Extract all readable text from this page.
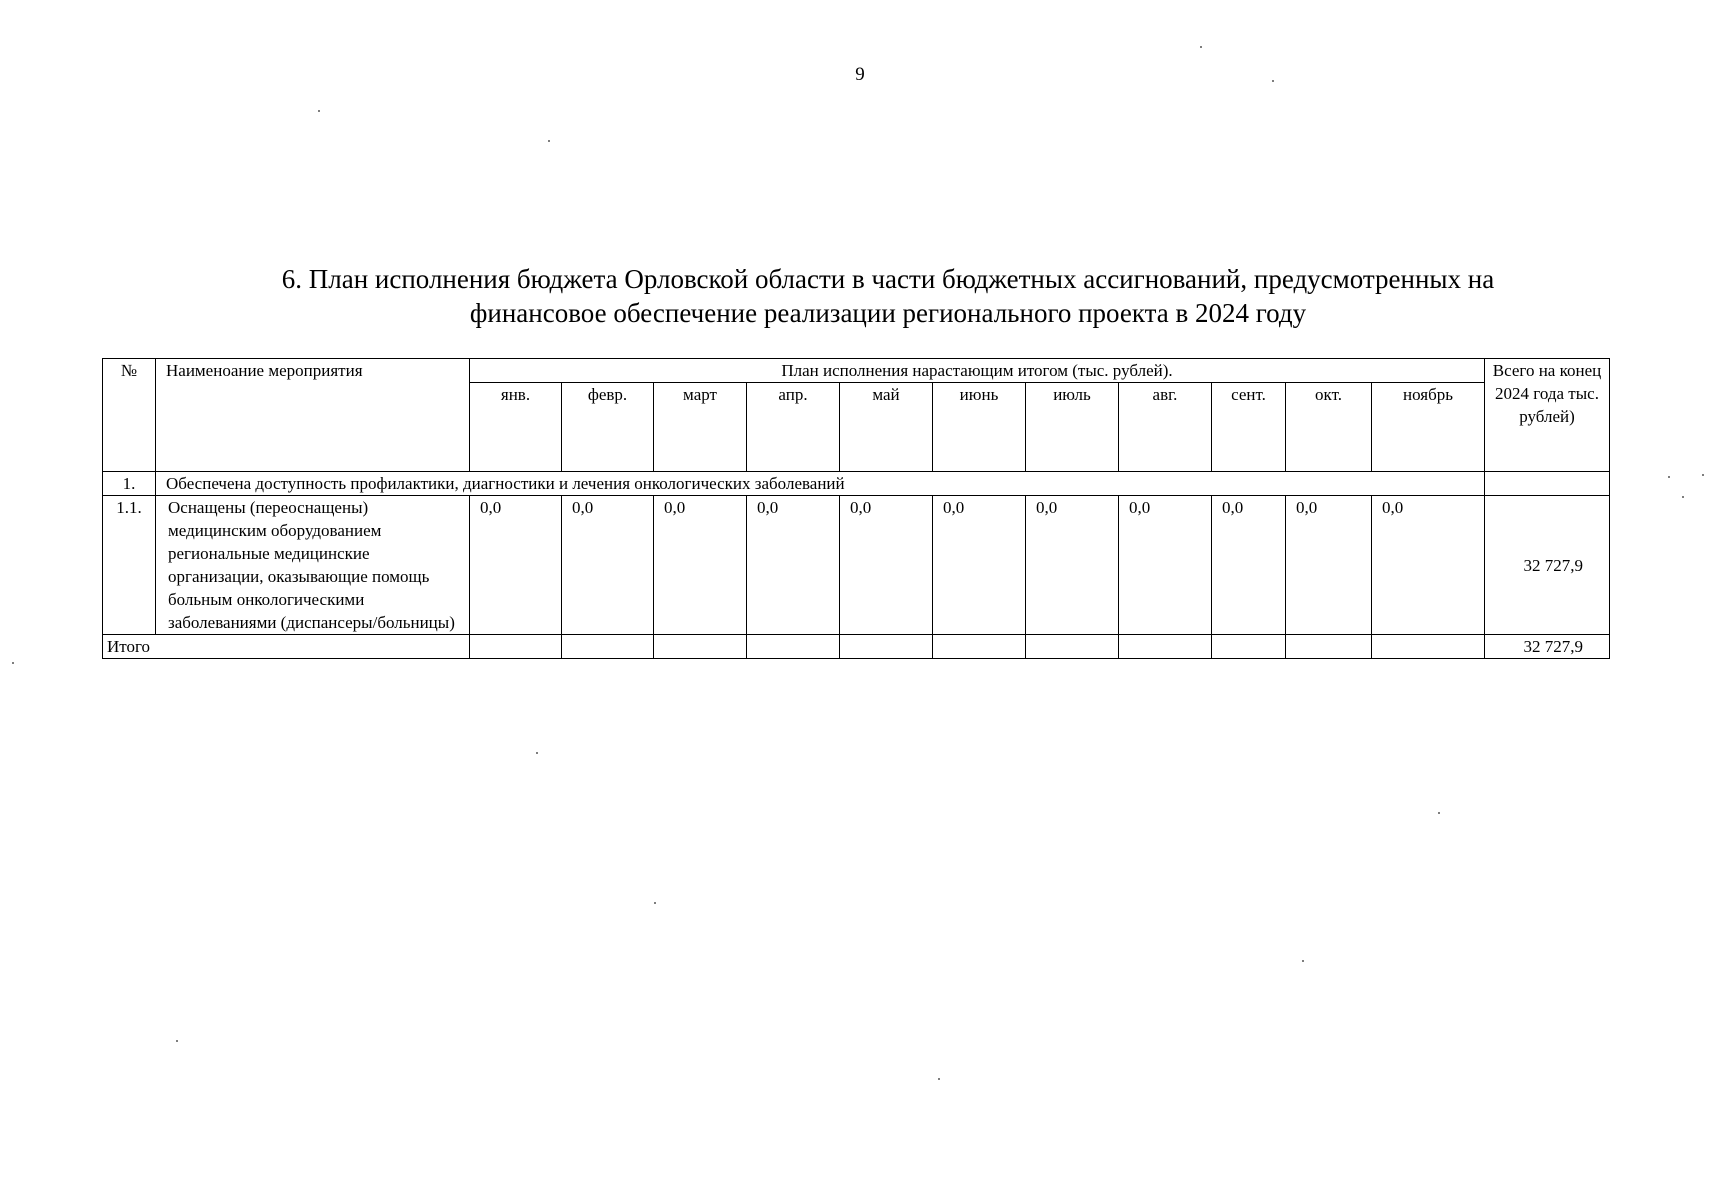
9
6. План исполнения бюджета Орловской области в части бюджетных ассигнований, предусмотренных на
финансовое обеспечение реализации регионального проекта в 2024 году
№	Наименоание мероприятия	План исполнения нарастающим итогом (тыс. рублей).											Всего на конец 2024 года тыс. рублей)
		янв.	февр.	март	апр.	май	июнь	июль	авг.	сент.	окт.	ноябрь	
1.	Обеспечена доступность профилактики, диагностики и лечения онкологических заболеваний												
1.1.	Оснащены (переоснащены) медицинским оборудованием региональные медицинские организации, оказывающие помощь больным онкологическими заболеваниями (диспансеры/больницы)	0,0	0,0	0,0	0,0	0,0	0,0	0,0	0,0	0,0	0,0	0,0	32 727,9
Итого													32 727,9
